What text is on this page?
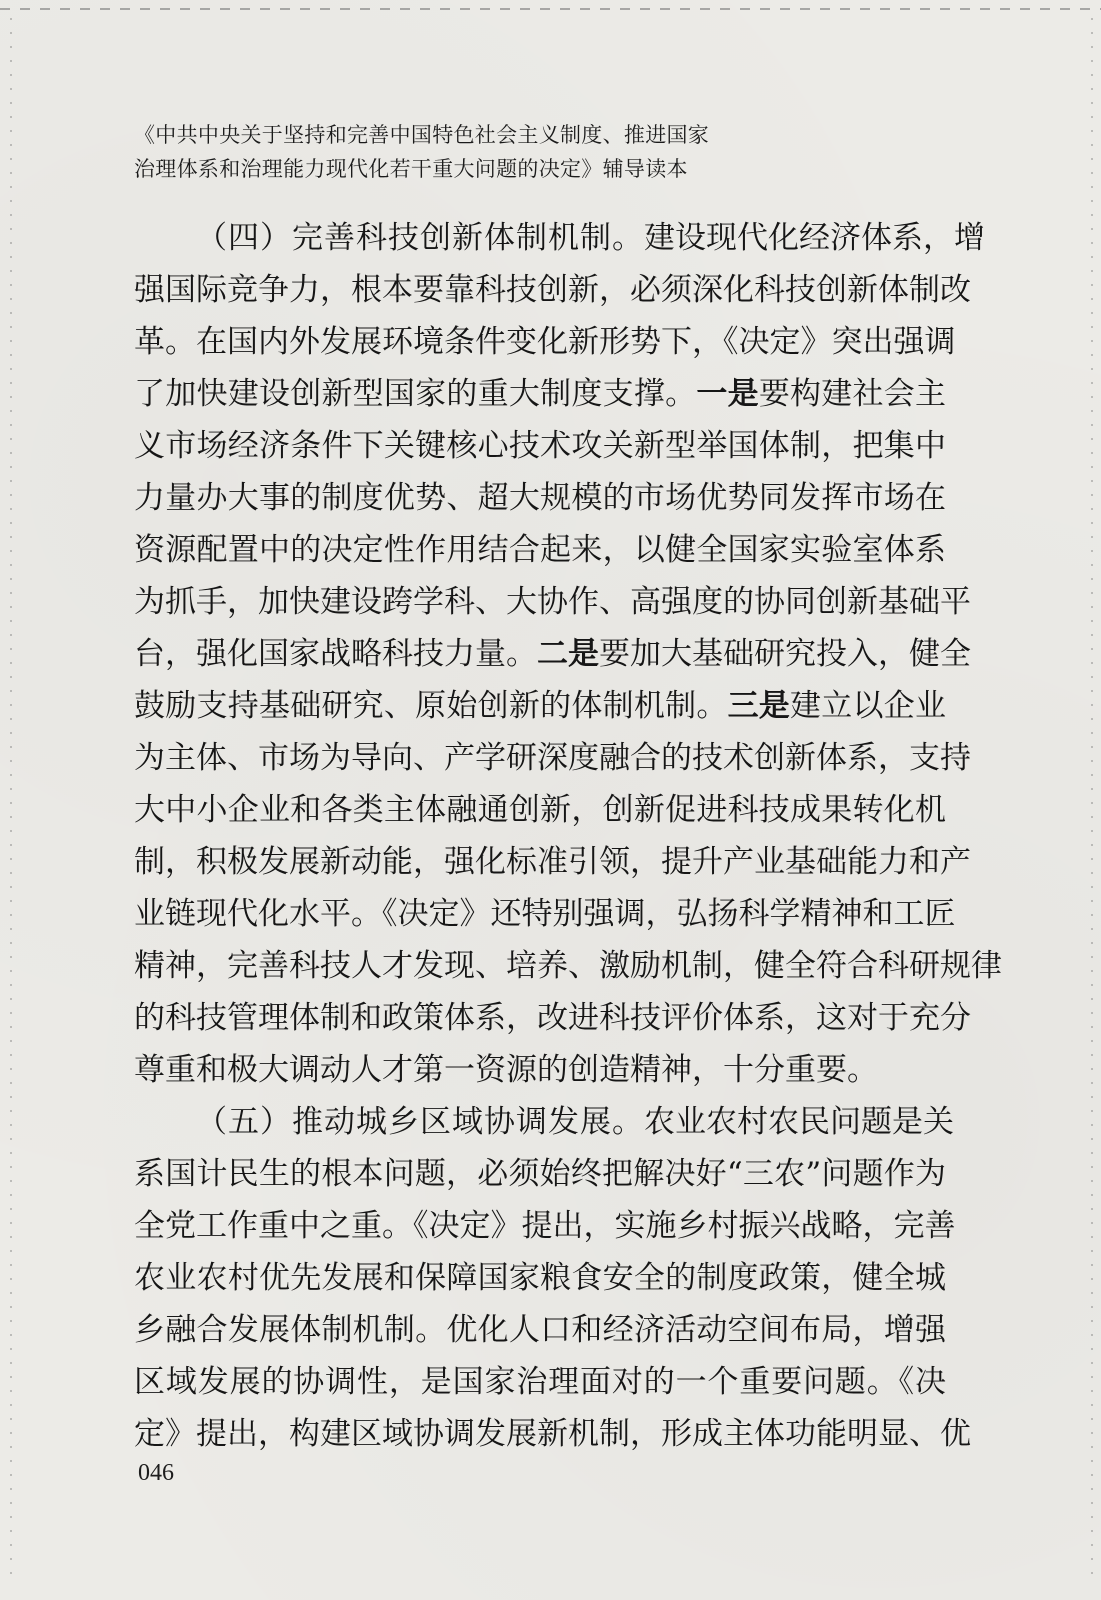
《中共中央关于坚持和完善中国特色社会主义制度、推进国家
治理体系和治理能力现代化若干重大问题的决定》辅导读本
（四）完善科技创新体制机制。建设现代化经济体系，增
强国际竞争力，根本要靠科技创新，必须深化科技创新体制改
革。在国内外发展环境条件变化新形势下，《决定》突出强调
了加快建设创新型国家的重大制度支撑。一是要构建社会主
义市场经济条件下关键核心技术攻关新型举国体制，把集中
力量办大事的制度优势、超大规模的市场优势同发挥市场在
资源配置中的决定性作用结合起来，以健全国家实验室体系
为抓手，加快建设跨学科、大协作、高强度的协同创新基础平
台，强化国家战略科技力量。二是要加大基础研究投入，健全
鼓励支持基础研究、原始创新的体制机制。三是建立以企业
为主体、市场为导向、产学研深度融合的技术创新体系，支持
大中小企业和各类主体融通创新，创新促进科技成果转化机
制，积极发展新动能，强化标准引领，提升产业基础能力和产
业链现代化水平。《决定》还特别强调，弘扬科学精神和工匠
精神，完善科技人才发现、培养、激励机制，健全符合科研规律
的科技管理体制和政策体系，改进科技评价体系，这对于充分
尊重和极大调动人才第一资源的创造精神，十分重要。
（五）推动城乡区域协调发展。农业农村农民问题是关
系国计民生的根本问题，必须始终把解决好“三农”问题作为
全党工作重中之重。《决定》提出，实施乡村振兴战略，完善
农业农村优先发展和保障国家粮食安全的制度政策，健全城
乡融合发展体制机制。优化人口和经济活动空间布局，增强
区域发展的协调性，是国家治理面对的一个重要问题。《决
定》提出，构建区域协调发展新机制，形成主体功能明显、优
046
